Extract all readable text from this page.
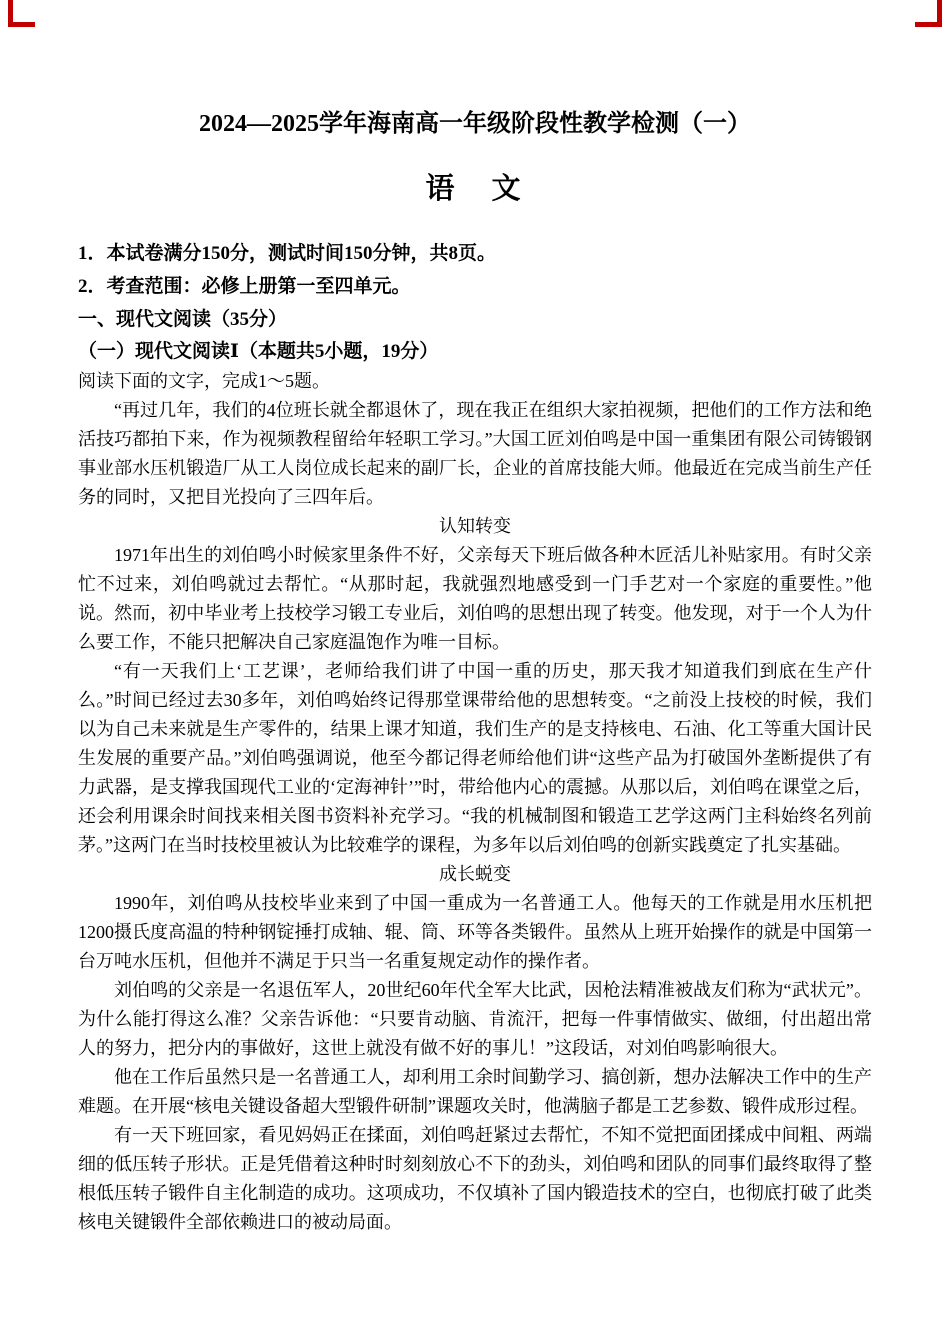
2024—2025学年海南高一年级阶段性教学检测（一）
语　文
1．本试卷满分150分，测试时间150分钟，共8页。
2．考查范围：必修上册第一至四单元。
一、现代文阅读（35分）
（一）现代文阅读Ⅰ（本题共5小题，19分）
阅读下面的文字，完成1～5题。

“再过几年，我们的4位班长就全都退休了，现在我正在组织大家拍视频，把他们的工作方法和绝活技巧都拍下来，作为视频教程留给年轻职工学习。”大国工匠刘伯鸣是中国一重集团有限公司铸锻钢事业部水压机锻造厂从工人岗位成长起来的副厂长，企业的首席技能大师。他最近在完成当前生产任务的同时，又把目光投向了三四年后。

认知转变

1971年出生的刘伯鸣小时候家里条件不好，父亲每天下班后做各种木匠活儿补贴家用。有时父亲忙不过来，刘伯鸣就过去帮忙。“从那时起，我就强烈地感受到一门手艺对一个家庭的重要性。”他说。然而，初中毕业考上技校学习锻工专业后，刘伯鸣的思想出现了转变。他发现，对于一个人为什么要工作，不能只把解决自己家庭温饱作为唯一目标。

“有一天我们上‘工艺课’，老师给我们讲了中国一重的历史，那天我才知道我们到底在生产什么。”时间已经过去30多年，刘伯鸣始终记得那堂课带给他的思想转变。“之前没上技校的时候，我们以为自己未来就是生产零件的，结果上课才知道，我们生产的是支持核电、石油、化工等重大国计民生发展的重要产品。”刘伯鸣强调说，他至今都记得老师给他们讲“这些产品为打破国外垄断提供了有力武器，是支撑我国现代工业的‘定海神针’”时，带给他内心的震撼。从那以后，刘伯鸣在课堂之后，还会利用课余时间找来相关图书资料补充学习。“我的机械制图和锻造工艺学这两门主科始终名列前茅。”这两门在当时技校里被认为比较难学的课程，为多年以后刘伯鸣的创新实践奠定了扎实基础。

成长蜕变

1990年，刘伯鸣从技校毕业来到了中国一重成为一名普通工人。他每天的工作就是用水压机把1200摄氏度高温的特种钢锭捶打成轴、辊、筒、环等各类锻件。虽然从上班开始操作的就是中国第一台万吨水压机，但他并不满足于只当一名重复规定动作的操作者。

刘伯鸣的父亲是一名退伍军人，20世纪60年代全军大比武，因枪法精准被战友们称为“武状元”。为什么能打得这么准？父亲告诉他：“只要肯动脑、肯流汗，把每一件事情做实、做细，付出超出常人的努力，把分内的事做好，这世上就没有做不好的事儿！”这段话，对刘伯鸣影响很大。

他在工作后虽然只是一名普通工人，却利用工余时间勤学习、搞创新，想办法解决工作中的生产难题。在开展“核电关键设备超大型锻件研制”课题攻关时，他满脑子都是工艺参数、锻件成形过程。

有一天下班回家，看见妈妈正在揉面，刘伯鸣赶紧过去帮忙，不知不觉把面团揉成中间粗、两端细的低压转子形状。正是凭借着这种时时刻刻放心不下的劲头，刘伯鸣和团队的同事们最终取得了整根低压转子锻件自主化制造的成功。这项成功，不仅填补了国内锻造技术的空白，也彻底打破了此类核电关键锻件全部依赖进口的被动局面。
